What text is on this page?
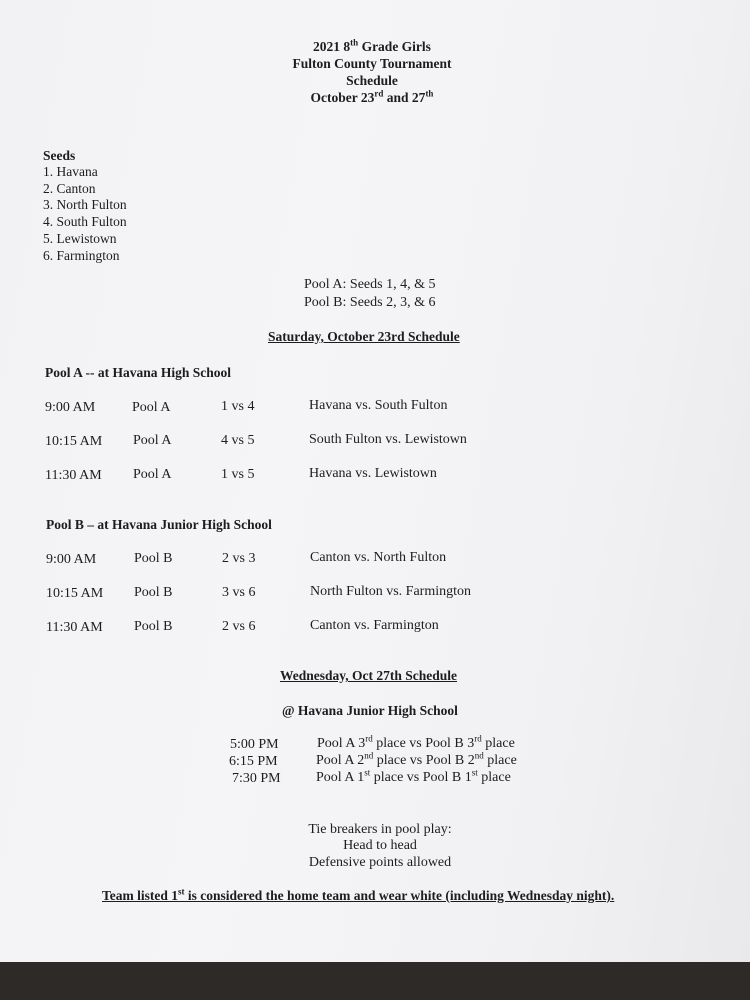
2021 8th Grade Girls
Fulton County Tournament
Schedule
October 23rd and 27th
Seeds
1. Havana
2. Canton
3. North Fulton
4. South Fulton
5. Lewistown
6. Farmington
Pool A: Seeds 1, 4, & 5
Pool B: Seeds 2, 3, & 6
Saturday, October 23rd Schedule
Pool A -- at Havana High School
9:00 AM	Pool A	1 vs 4	Havana vs. South Fulton
10:15 AM Pool A	4 vs 5	South Fulton vs. Lewistown
11:30 AM Pool A	1 vs 5	Havana vs. Lewistown
Pool B – at Havana Junior High School
9:00 AM	Pool B	2 vs 3	Canton vs. North Fulton
10:15 AM Pool B	3 vs 6	North Fulton vs. Farmington
11:30 AM Pool B	2 vs 6	Canton vs. Farmington
Wednesday, Oct 27th Schedule
@ Havana Junior High School
5:00 PM	Pool A 3rd place vs Pool B 3rd place
6:15 PM	Pool A 2nd place vs Pool B 2nd place
7:30 PM	Pool A 1st place vs Pool B 1st place
Tie breakers in pool play:
Head to head
Defensive points allowed
Team listed 1st is considered the home team and wear white (including Wednesday night).
